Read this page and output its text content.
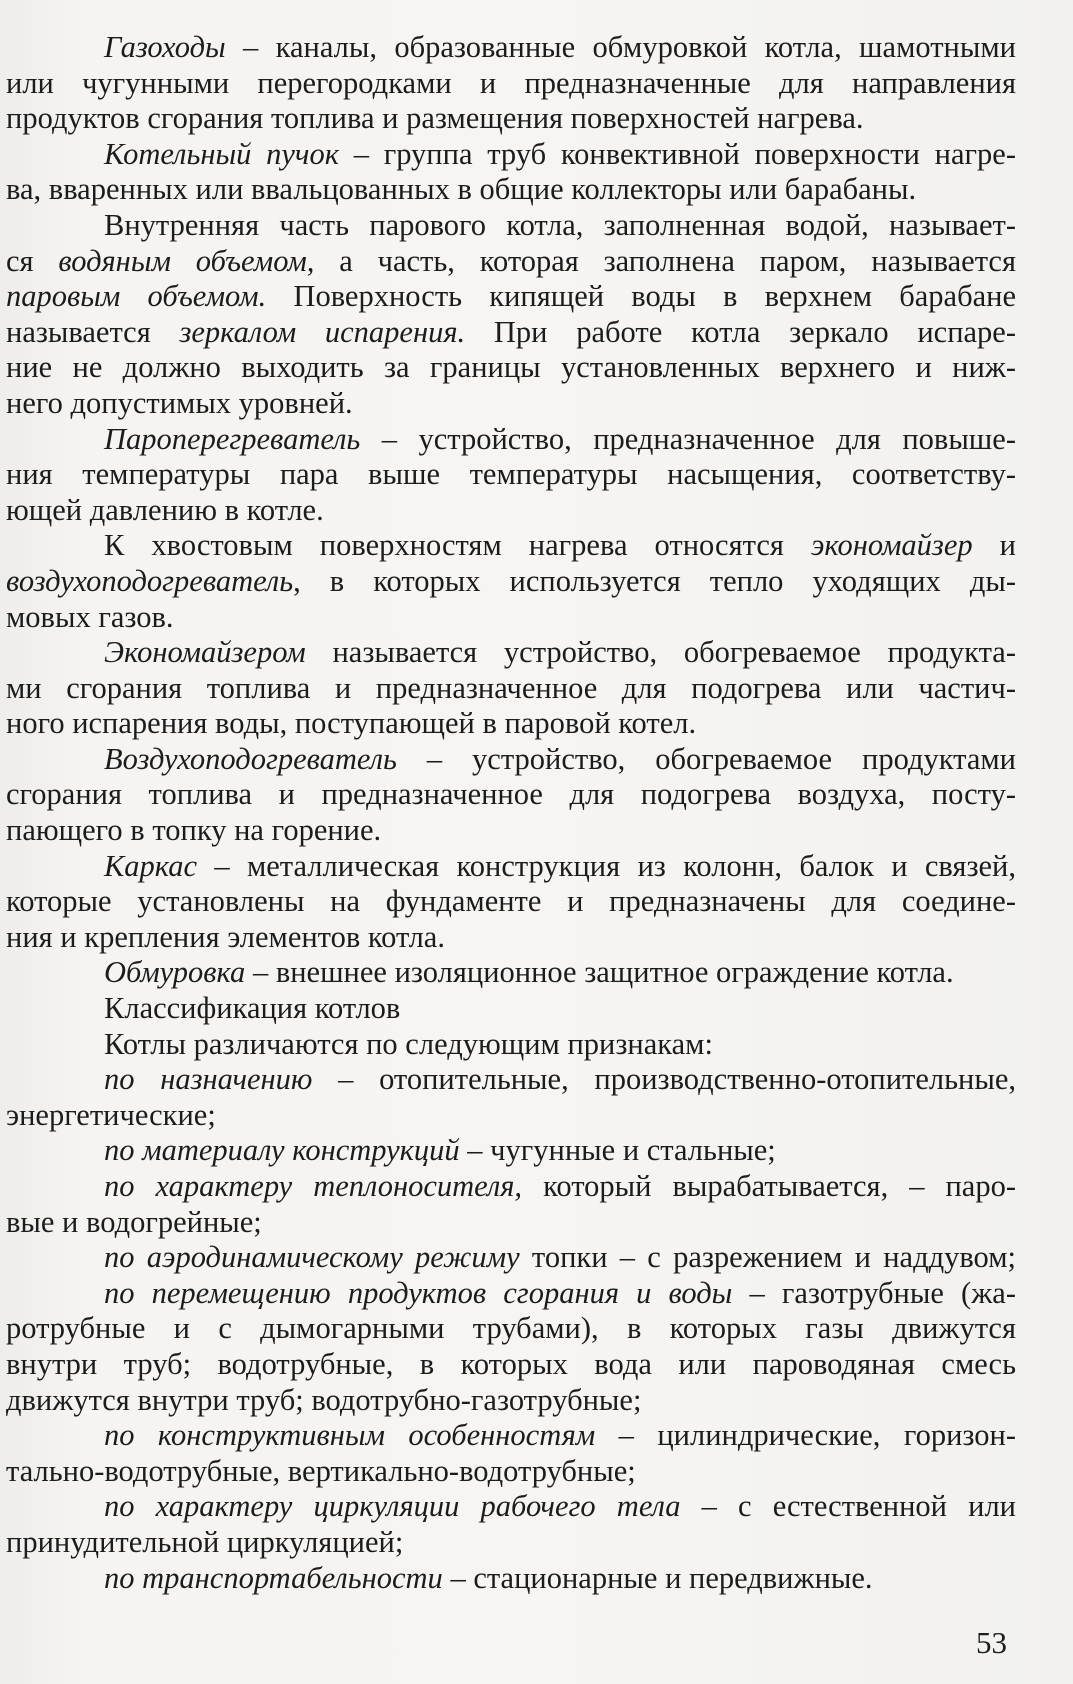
Газоходы – каналы, образованные обмуровкой котла, шамотными
или чугунными перегородками и предназначенные для направления
продуктов сгорания топлива и размещения поверхностей нагрева.
Котельный пучок – группа труб конвективной поверхности нагре-
ва, вваренных или ввальцованных в общие коллекторы или барабаны.
Внутренняя часть парового котла, заполненная водой, называет-
ся водяным объемом, а часть, которая заполнена паром, называется
паровым объемом. Поверхность кипящей воды в верхнем барабане
называется зеркалом испарения. При работе котла зеркало испаре-
ние не должно выходить за границы установленных верхнего и ниж-
него допустимых уровней.
Пароперегреватель – устройство, предназначенное для повыше-
ния температуры пара выше температуры насыщения, соответству-
ющей давлению в котле.
К хвостовым поверхностям нагрева относятся экономайзер и
воздухоподогреватель, в которых используется тепло уходящих ды-
мовых газов.
Экономайзером называется устройство, обогреваемое продукта-
ми сгорания топлива и предназначенное для подогрева или частич-
ного испарения воды, поступающей в паровой котел.
Воздухоподогреватель – устройство, обогреваемое продуктами
сгорания топлива и предназначенное для подогрева воздуха, посту-
пающего в топку на горение.
Каркас – металлическая конструкция из колонн, балок и связей,
которые установлены на фундаменте и предназначены для соедине-
ния и крепления элементов котла.
Обмуровка – внешнее изоляционное защитное ограждение котла.
Классификация котлов
Котлы различаются по следующим признакам:
по назначению – отопительные, производственно-отопительные,
энергетические;
по материалу конструкций – чугунные и стальные;
по характеру теплоносителя, который вырабатывается, – паро-
вые и водогрейные;
по аэродинамическому режиму топки – с разрежением и наддувом;
по перемещению продуктов сгорания и воды – газотрубные (жа-
ротрубные и с дымогарными трубами), в которых газы движутся
внутри труб; водотрубные, в которых вода или пароводяная смесь
движутся внутри труб; водотрубно-газотрубные;
по конструктивным особенностям – цилиндрические, горизон-
тально-водотрубные, вертикально-водотрубные;
по характеру циркуляции рабочего тела – с естественной или
принудительной циркуляцией;
по транспортабельности – стационарные и передвижные.
53
